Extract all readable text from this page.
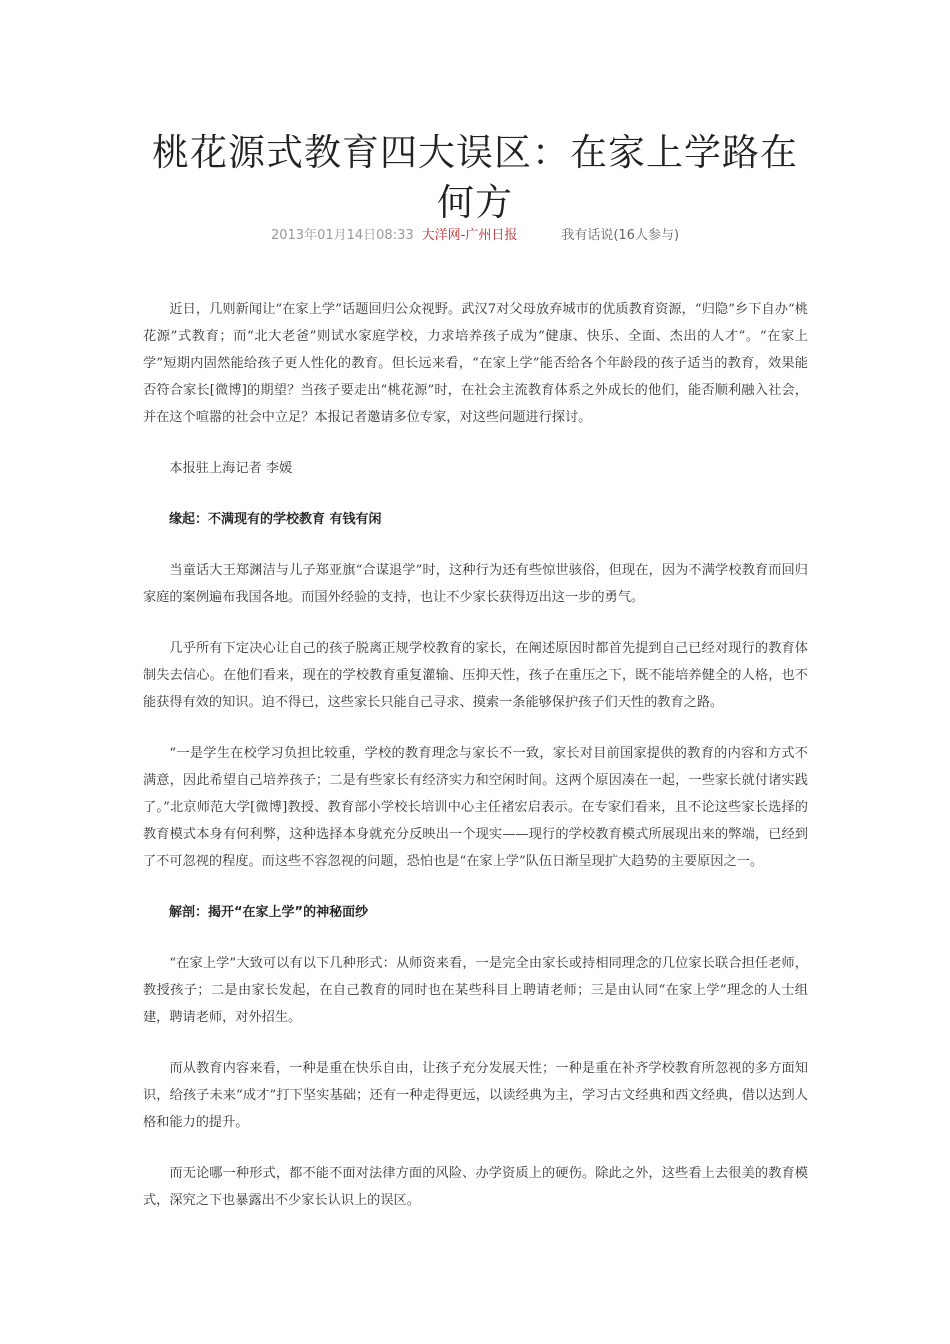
桃花源式教育四大误区：在家上学路在何方
2013年01月14日08:33 大洋网-广州日报	我有话说(16人参与)

近日，几则新闻让“在家上学”话题回归公众视野。武汉7对父母放弃城市的优质教育资源，“归隐”乡下自办“桃花源”式教育；而“北大老爸”则试水家庭学校，力求培养孩子成为“健康、快乐、全面、杰出的人才”。“在家上学”短期内固然能给孩子更人性化的教育。但长远来看，“在家上学”能否给各个年龄段的孩子适当的教育，效果能否符合家长[微博]的期望？当孩子要走出“桃花源”时，在社会主流教育体系之外成长的他们，能否顺利融入社会，并在这个喧嚣的社会中立足？本报记者邀请多位专家，对这些问题进行探讨。

本报驻上海记者 李媛

缘起：不满现有的学校教育 有钱有闲

当童话大王郑渊洁与儿子郑亚旗“合谋退学”时，这种行为还有些惊世骇俗，但现在，因为不满学校教育而回归家庭的案例遍布我国各地。而国外经验的支持，也让不少家长获得迈出这一步的勇气。

几乎所有下定决心让自己的孩子脱离正规学校教育的家长，在阐述原因时都首先提到自己已经对现行的教育体制失去信心。在他们看来，现在的学校教育重复灌输、压抑天性，孩子在重压之下，既不能培养健全的人格，也不能获得有效的知识。迫不得已，这些家长只能自己寻求、摸索一条能够保护孩子们天性的教育之路。

“一是学生在校学习负担比较重，学校的教育理念与家长不一致，家长对目前国家提供的教育的内容和方式不满意，因此希望自己培养孩子；二是有些家长有经济实力和空闲时间。这两个原因凑在一起，一些家长就付诸实践了。”北京师范大学[微博]教授、教育部小学校长培训中心主任褚宏启表示。在专家们看来，且不论这些家长选择的教育模式本身有何利弊，这种选择本身就充分反映出一个现实——现行的学校教育模式所展现出来的弊端，已经到了不可忽视的程度。而这些不容忽视的问题，恐怕也是“在家上学”队伍日渐呈现扩大趋势的主要原因之一。

解剖：揭开“在家上学”的神秘面纱

“在家上学”大致可以有以下几种形式：从师资来看，一是完全由家长或持相同理念的几位家长联合担任老师，教授孩子；二是由家长发起，在自己教育的同时也在某些科目上聘请老师；三是由认同“在家上学”理念的人士组建，聘请老师，对外招生。

而从教育内容来看，一种是重在快乐自由，让孩子充分发展天性；一种是重在补齐学校教育所忽视的多方面知识，给孩子未来“成才”打下坚实基础；还有一种走得更远，以读经典为主，学习古文经典和西文经典，借以达到人格和能力的提升。

而无论哪一种形式，都不能不面对法律方面的风险、办学资质上的硬伤。除此之外，这些看上去很美的教育模式，深究之下也暴露出不少家长认识上的误区。
